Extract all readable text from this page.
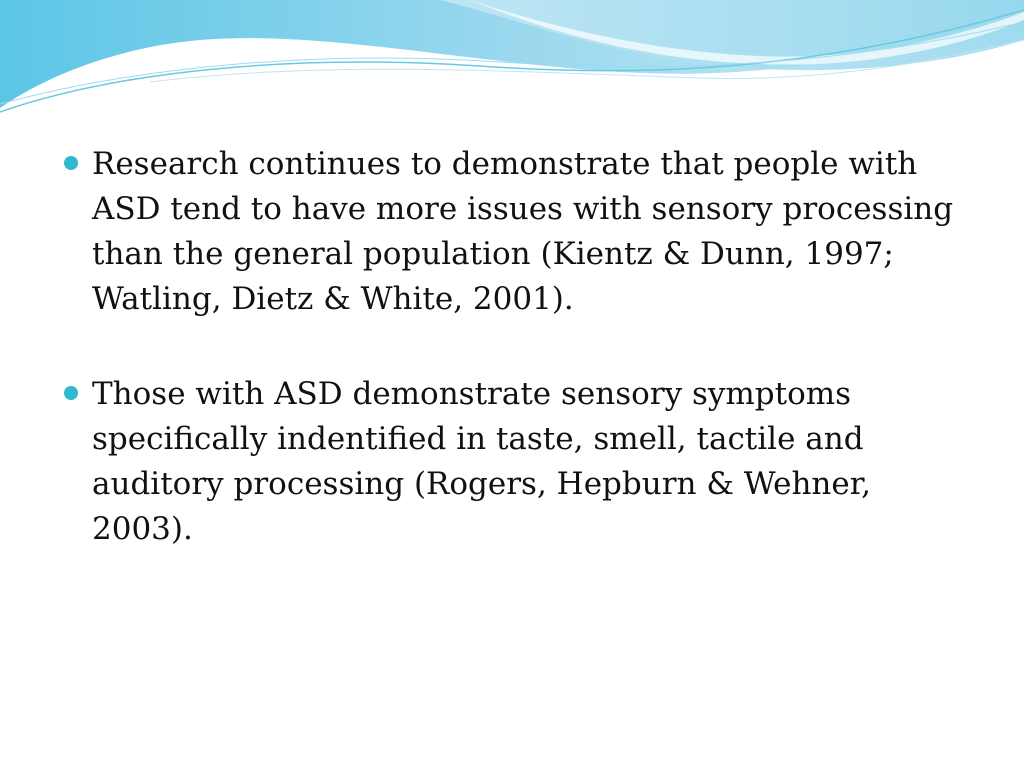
Research continues to demonstrate that people with ASD tend to have more issues with sensory processing than the general population (Kientz & Dunn, 1997; Watling, Dietz & White, 2001).
Those with ASD demonstrate sensory symptoms specifically indentified in taste, smell, tactile and auditory processing (Rogers, Hepburn & Wehner, 2003).
